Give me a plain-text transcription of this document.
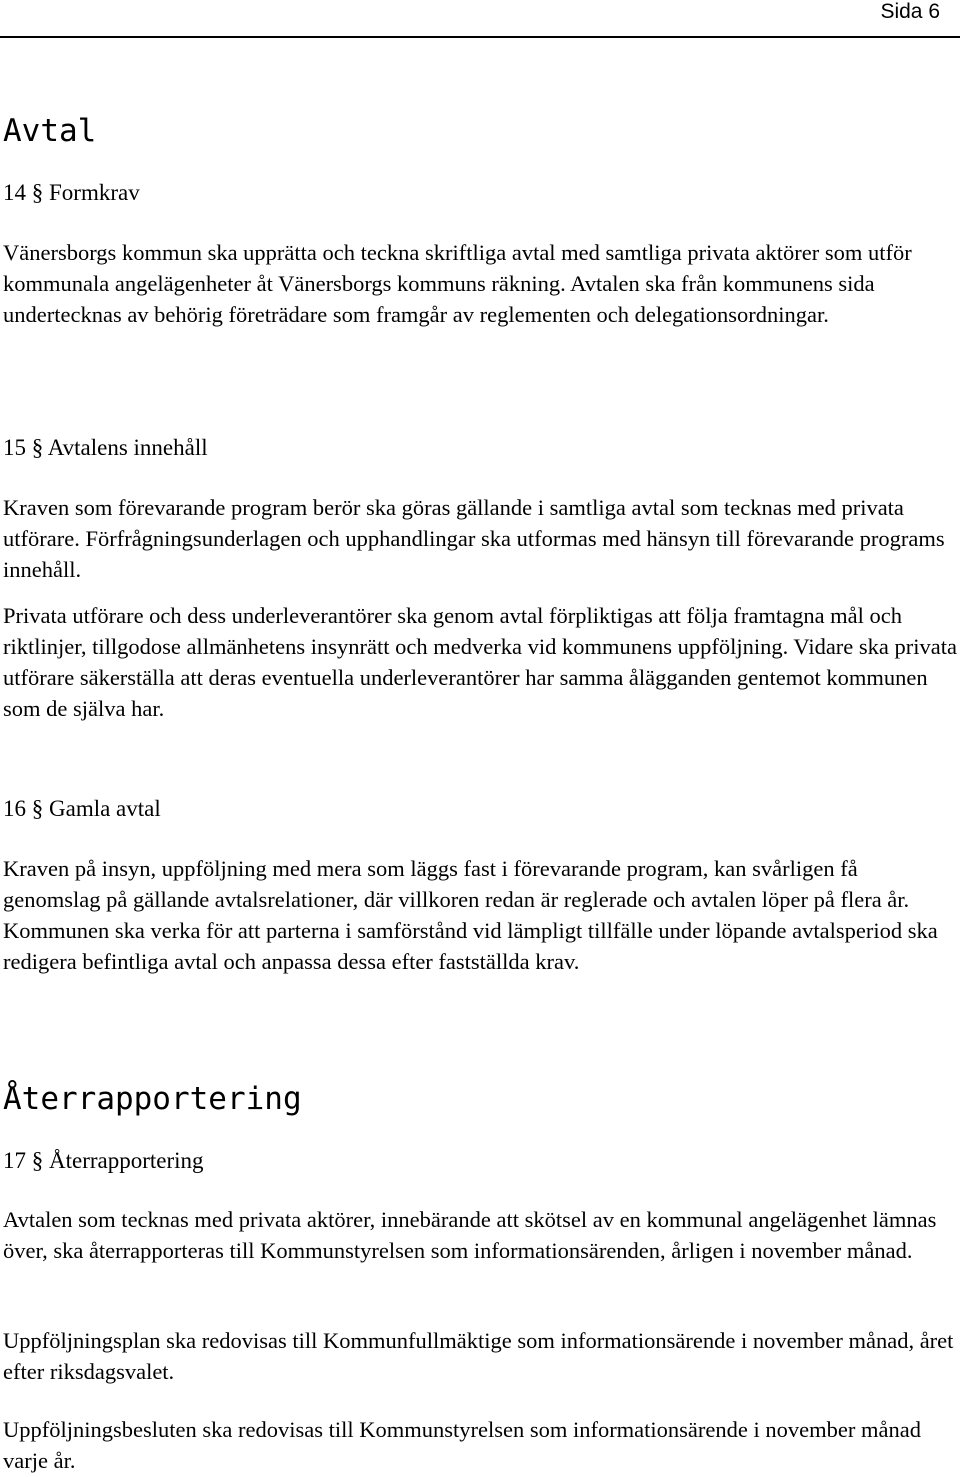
Sida 6
Avtal
14 § Formkrav

Vänersborgs kommun ska upprätta och teckna skriftliga avtal med samtliga privata aktörer som utför kommunala angelägenheter åt Vänersborgs kommuns räkning. Avtalen ska från kommunens sida undertecknas av behörig företrädare som framgår av reglementen och delegationsordningar.

15 § Avtalens innehåll

Kraven som förevarande program berör ska göras gällande i samtliga avtal som tecknas med privata utförare. Förfrågningsunderlagen och upphandlingar ska utformas med hänsyn till förevarande programs innehåll.

Privata utförare och dess underleverantörer ska genom avtal förpliktigas att följa framtagna mål och riktlinjer, tillgodose allmänhetens insynrätt och medverka vid kommunens uppföljning. Vidare ska privata utförare säkerställa att deras eventuella underleverantörer har samma ålägganden gentemot kommunen som de själva har.

16 § Gamla avtal

Kraven på insyn, uppföljning med mera som läggs fast i förevarande program, kan svårligen få genomslag på gällande avtalsrelationer, där villkoren redan är reglerade och avtalen löper på flera år. Kommunen ska verka för att parterna i samförstånd vid lämpligt tillfälle under löpande avtalsperiod ska redigera befintliga avtal och anpassa dessa efter fastställda krav.

Återrapportering
17 § Återrapportering

Avtalen som tecknas med privata aktörer, innebärande att skötsel av en kommunal angelägenhet lämnas över, ska återrapporteras till Kommunstyrelsen som informationsärenden, årligen i november månad.

Uppföljningsplan ska redovisas till Kommunfullmäktige som informationsärende i november månad, året efter riksdagsvalet.

Uppföljningsbesluten ska redovisas till Kommunstyrelsen som informationsärende i november månad varje år.
